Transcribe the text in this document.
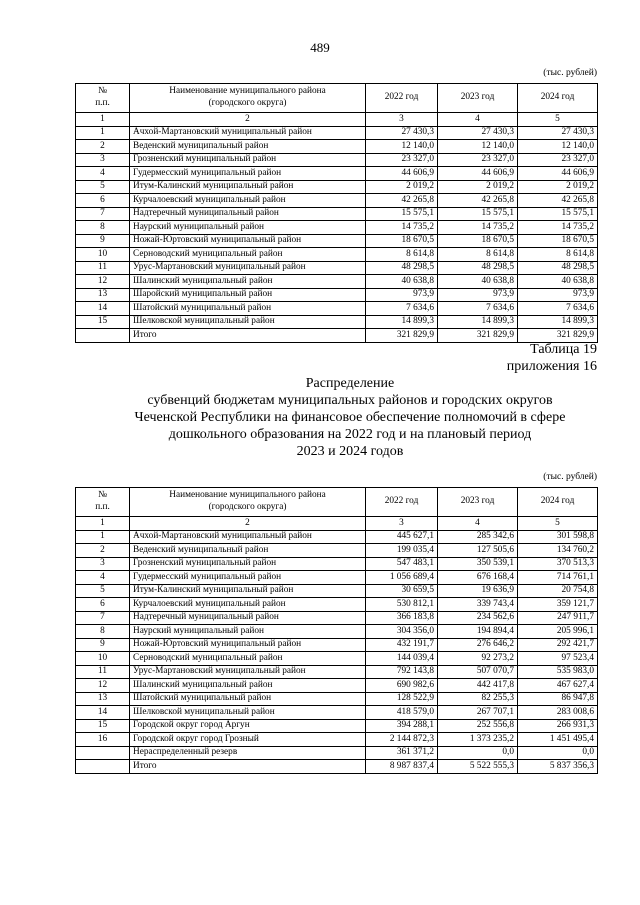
489
(тыс. рублей)
№
п.п.	Наименование муниципального района
(городского округа)	2022 год	2023 год	2024 год
1	2	3	4	5
1	Ачхой-Мартановский муниципальный район	27 430,3	27 430,3	27 430,3
2	Веденский муниципальный район	12 140,0	12 140,0	12 140,0
3	Грозненский муниципальный район	23 327,0	23 327,0	23 327,0
4	Гудермесский муниципальный район	44 606,9	44 606,9	44 606,9
5	Итум-Калинский муниципальный район	2 019,2	2 019,2	2 019,2
6	Курчалоевский муниципальный район	42 265,8	42 265,8	42 265,8
7	Надтеречный муниципальный район	15 575,1	15 575,1	15 575,1
8	Наурский муниципальный район	14 735,2	14 735,2	14 735,2
9	Ножай-Юртовский муниципальный район	18 670,5	18 670,5	18 670,5
10	Серноводский муниципальный район	8 614,8	8 614,8	8 614,8
11	Урус-Мартановский муниципальный район	48 298,5	48 298,5	48 298,5
12	Шалинский муниципальный район	40 638,8	40 638,8	40 638,8
13	Шаройский муниципальный район	973,9	973,9	973,9
14	Шатойский муниципальный район	7 634,6	7 634,6	7 634,6
15	Шелковской муниципальный район	14 899,3	14 899,3	14 899,3
	Итого	321 829,9	321 829,9	321 829,9
Таблица 19
приложения 16
Распределение
субвенций бюджетам муниципальных районов и городских округов
Чеченской Республики на финансовое обеспечение полномочий в сфере
дошкольного образования на 2022 год и на плановый период
2023 и 2024 годов
(тыс. рублей)
№
п.п.	Наименование муниципального района
(городского округа)	2022 год	2023 год	2024 год
1	2	3	4	5
1	Ачхой-Мартановский муниципальный район	445 627,1	285 342,6	301 598,8
2	Веденский муниципальный район	199 035,4	127 505,6	134 760,2
3	Грозненский муниципальный район	547 483,1	350 539,1	370 513,3
4	Гудермесский муниципальный район	1 056 689,4	676 168,4	714 761,1
5	Итум-Калинский муниципальный район	30 659,5	19 636,9	20 754,8
6	Курчалоевский муниципальный район	530 812,1	339 743,4	359 121,7
7	Надтеречный муниципальный район	366 183,8	234 562,6	247 911,7
8	Наурский муниципальный район	304 356,0	194 894,4	205 996,1
9	Ножай-Юртовский муниципальный район	432 191,7	276 646,2	292 421,7
10	Серноводский муниципальный район	144 039,4	92 273,2	97 523,4
11	Урус-Мартановский муниципальный район	792 143,8	507 070,7	535 983,0
12	Шалинский муниципальный район	690 982,6	442 417,8	467 627,4
13	Шатойский муниципальный район	128 522,9	82 255,3	86 947,8
14	Шелковской муниципальный район	418 579,0	267 707,1	283 008,6
15	Городской округ город Аргун	394 288,1	252 556,8	266 931,3
16	Городской округ город Грозный	2 144 872,3	1 373 235,2	1 451 495,4
	Нераспределенный резерв	361 371,2	0,0	0,0
	Итого	8 987 837,4	5 522 555,3	5 837 356,3
